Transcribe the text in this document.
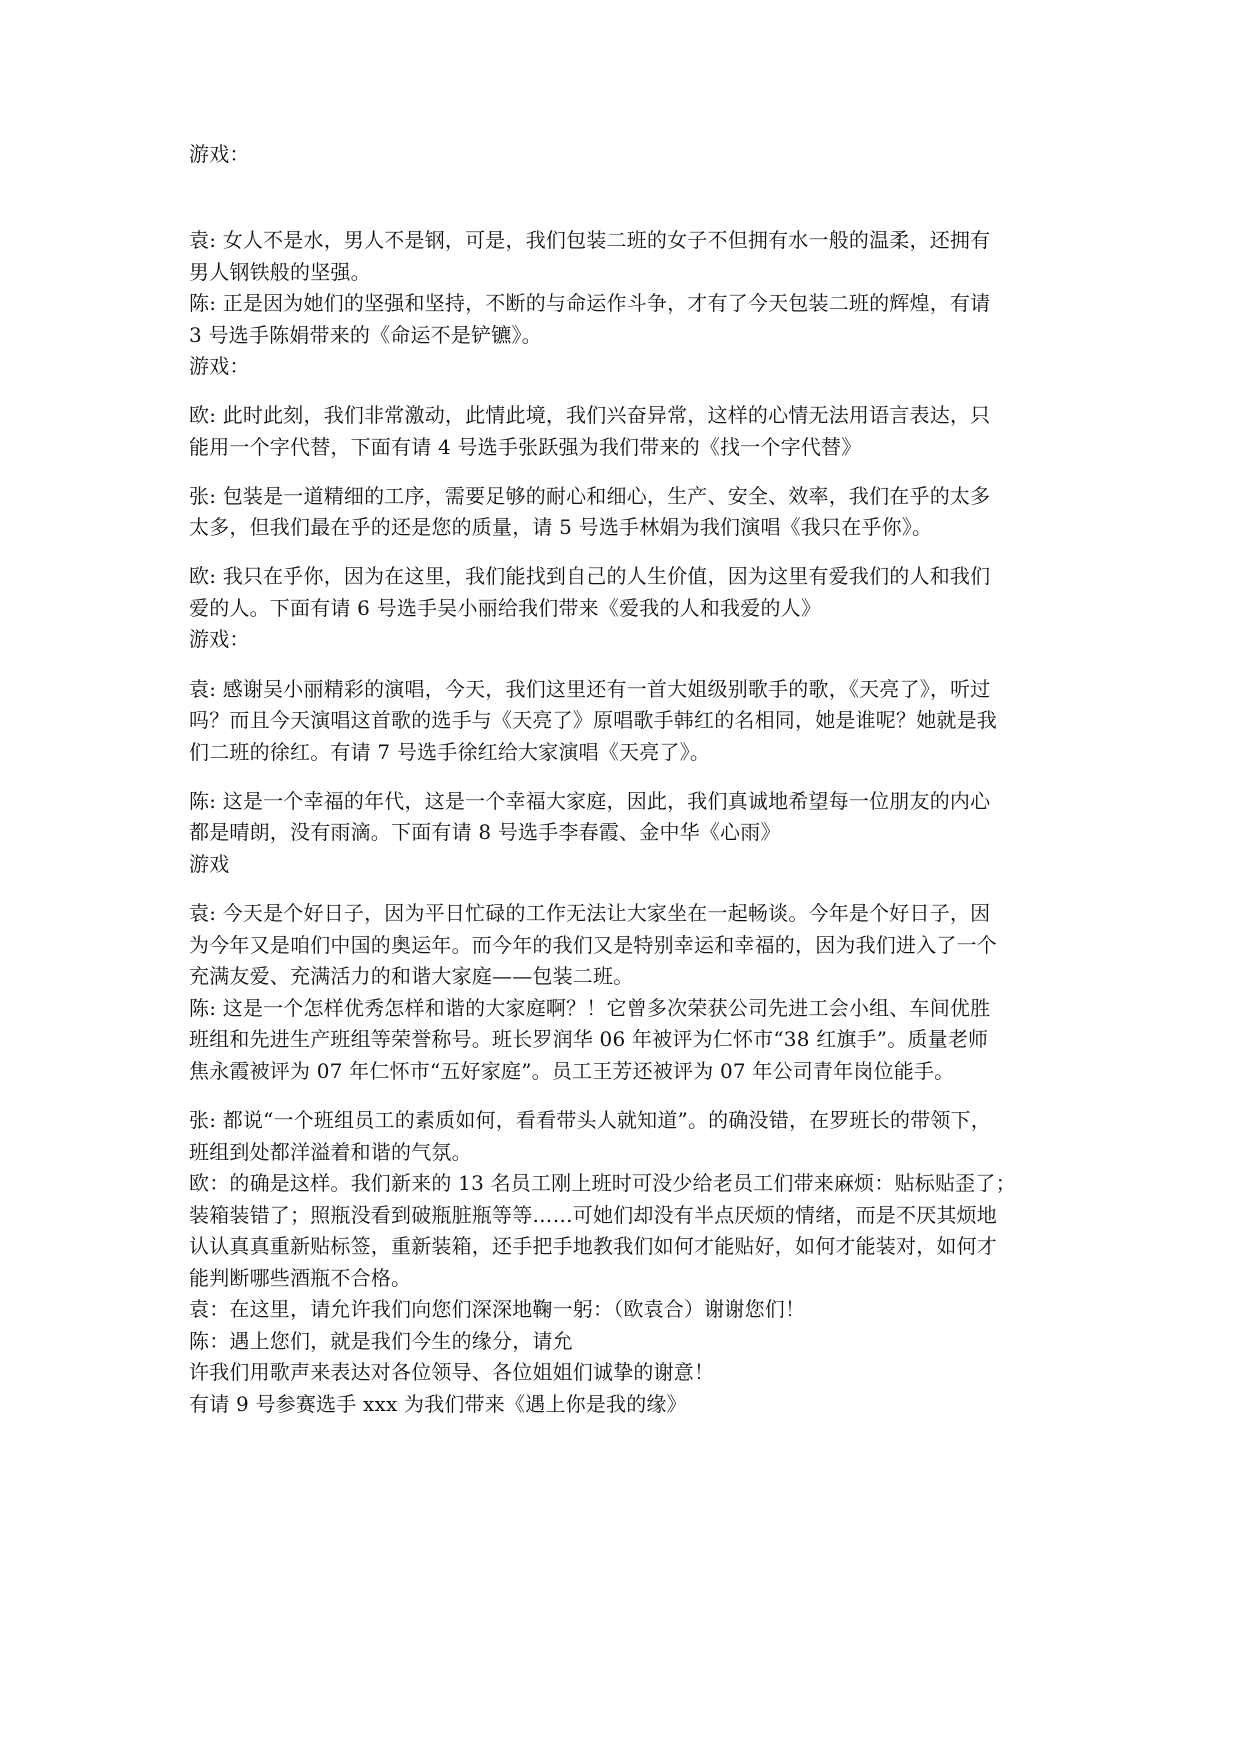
游戏：
袁: 女人不是水，男人不是钢，可是，我们包装二班的女子不但拥有水一般的温柔，还拥有
男人钢铁般的坚强。
陈: 正是因为她们的坚强和坚持，不断的与命运作斗争，才有了今天包装二班的辉煌，有请
3 号选手陈娟带来的《命运不是铲镳》。
游戏：
欧: 此时此刻，我们非常激动，此情此境，我们兴奋异常，这样的心情无法用语言表达，只
能用一个字代替，下面有请 4 号选手张跃强为我们带来的《找一个字代替》
张: 包装是一道精细的工序，需要足够的耐心和细心，生产、安全、效率，我们在乎的太多
太多，但我们最在乎的还是您的质量，请 5 号选手林娟为我们演唱《我只在乎你》。
欧: 我只在乎你，因为在这里，我们能找到自己的人生价值，因为这里有爱我们的人和我们
爱的人。下面有请 6 号选手吴小丽给我们带来《爱我的人和我爱的人》
游戏：
袁: 感谢吴小丽精彩的演唱，今天，我们这里还有一首大姐级别歌手的歌，《天亮了》，听过
吗？而且今天演唱这首歌的选手与《天亮了》原唱歌手韩红的名相同，她是谁呢？她就是我
们二班的徐红。有请 7 号选手徐红给大家演唱《天亮了》。
陈: 这是一个幸福的年代，这是一个幸福大家庭，因此，我们真诚地希望每一位朋友的内心
都是晴朗，没有雨滴。下面有请 8 号选手李春霞、金中华《心雨》
游戏
袁: 今天是个好日子，因为平日忙碌的工作无法让大家坐在一起畅谈。今年是个好日子，因
为今年又是咱们中国的奥运年。而今年的我们又是特别幸运和幸福的，因为我们进入了一个
充满友爱、充满活力的和谐大家庭——包装二班。
陈: 这是一个怎样优秀怎样和谐的大家庭啊？！它曾多次荣获公司先进工会小组、车间优胜
班组和先进生产班组等荣誉称号。班长罗润华 06 年被评为仁怀市“38 红旗手”。质量老师
焦永霞被评为 07 年仁怀市“五好家庭”。员工王芳还被评为 07 年公司青年岗位能手。
张: 都说“一个班组员工的素质如何，看看带头人就知道”。的确没错，在罗班长的带领下，
班组到处都洋溢着和谐的气氛。
欧：的确是这样。我们新来的 13 名员工刚上班时可没少给老员工们带来麻烦：贴标贴歪了；
装箱装错了；照瓶没看到破瓶脏瓶等等……可她们却没有半点厌烦的情绪，而是不厌其烦地
认认真真重新贴标签，重新装箱，还手把手地教我们如何才能贴好，如何才能装对，如何才
能判断哪些酒瓶不合格。
袁：在这里，请允许我们向您们深深地鞠一躬：（欧袁合）谢谢您们！
陈：遇上您们，就是我们今生的缘分，请允
许我们用歌声来表达对各位领导、各位姐姐们诚挚的谢意！
有请 9 号参赛选手 xxx 为我们带来《遇上你是我的缘》
